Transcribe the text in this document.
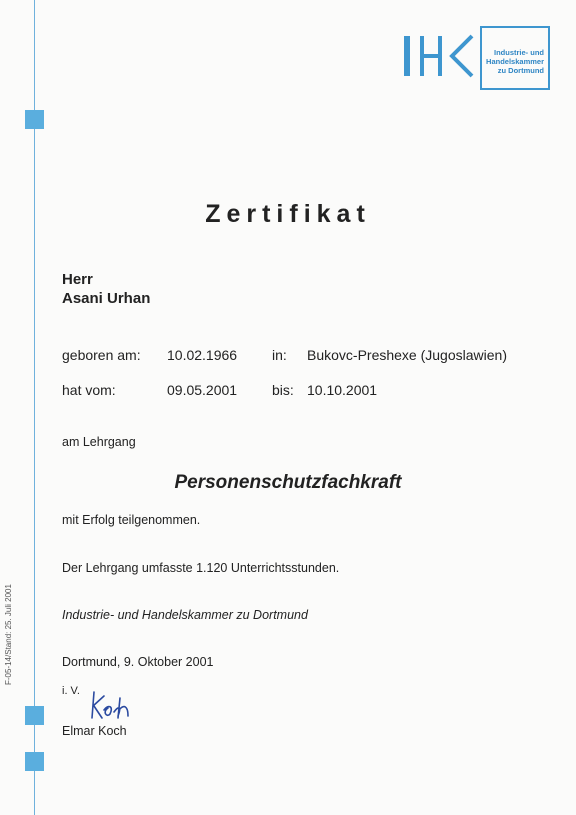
F-05-14/Stand: 25. Juli 2001
Industrie- und
Handelskammer
zu Dortmund
Zertifikat
Herr
Asani Urhan
geboren am: 10.02.1966 in: Bukovc-Preshexe (Jugoslawien)
hat vom:	09.05.2001 bis: 10.10.2001
am Lehrgang
Personenschutzfachkraft
mit Erfolg teilgenommen.
Der Lehrgang umfasste 1.120 Unterrichtsstunden.
Industrie- und Handelskammer zu Dortmund
Dortmund, 9. Oktober 2001
i. V.
Elmar Koch
